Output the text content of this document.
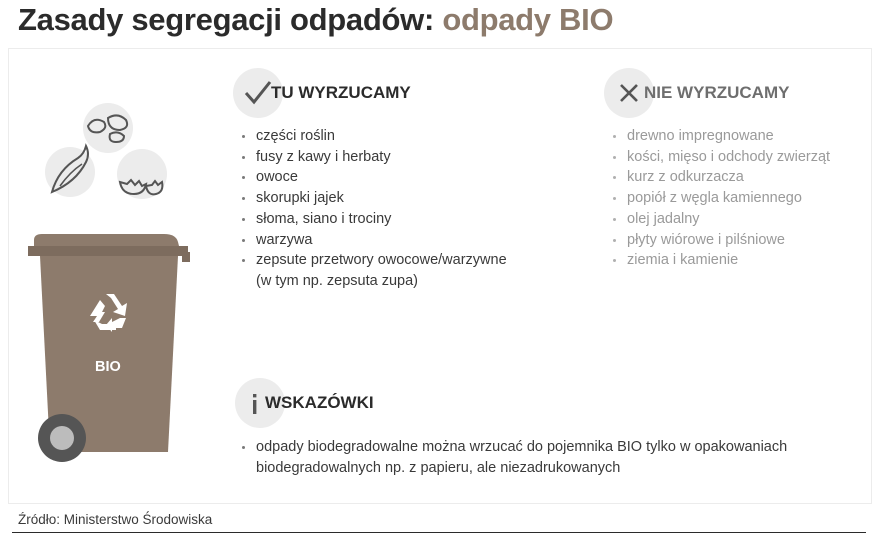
Zasady segregacji odpadów: odpady BIO
BIO
TU WYRZUCAMY
części roślin
fusy z kawy i herbaty
owoce
skorupki jajek
słoma, siano i trociny
warzywa
zepsute przetwory owocowe/warzywne
(w tym np. zepsuta zupa)
NIE WYRZUCAMY
drewno impregnowane
kości, mięso i odchody zwierząt
kurz z odkurzacza
popiół z węgla kamiennego
olej jadalny
płyty wiórowe i pilśniowe
ziemia i kamienie
WSKAZÓWKI
odpady biodegradowalne można wrzucać do pojemnika BIO tylko w opakowaniach
biodegradowalnych np. z papieru, ale niezadrukowanych
Źródło: Ministerstwo Środowiska
